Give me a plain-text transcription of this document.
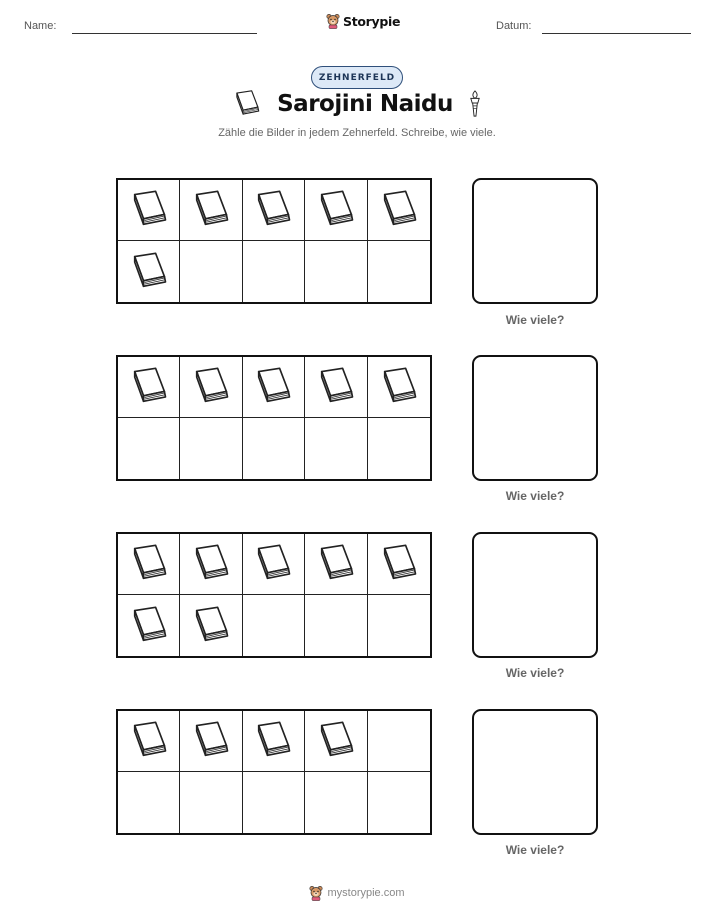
Name:	Storypie	Datum:
ZEHNERFELD
Sarojini Naidu
Zähle die Bilder in jedem Zehnerfeld. Schreibe, wie viele.
Wie viele?
Wie viele?
Wie viele?
Wie viele?
mystorypie.com
